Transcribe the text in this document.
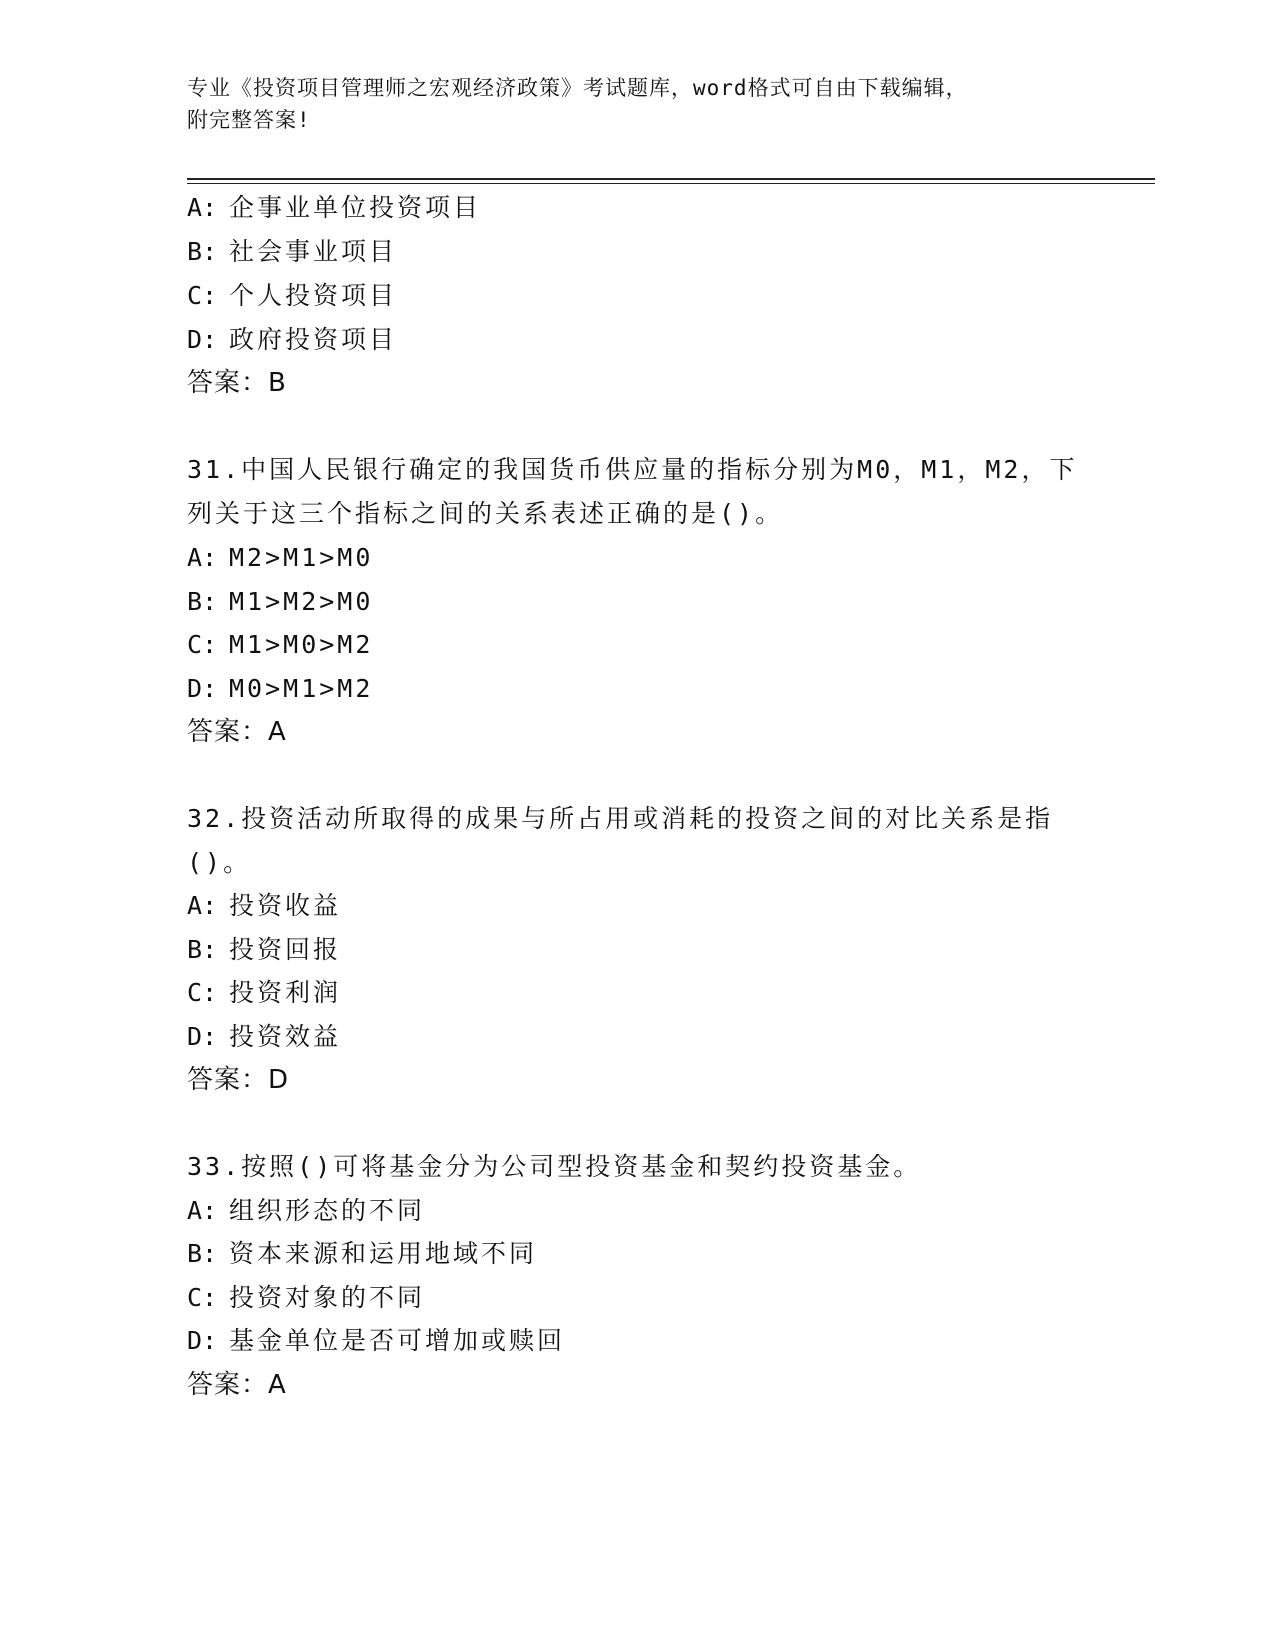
专业《投资项目管理师之宏观经济政策》考试题库，word格式可自由下载编辑，
附完整答案!
A: 企事业单位投资项目
B: 社会事业项目
C: 个人投资项目
D: 政府投资项目
答案：B
31.中国人民银行确定的我国货币供应量的指标分别为M0，M1，M2，下
列关于这三个指标之间的关系表述正确的是()。
A: M2>M1>M0
B: M1>M2>M0
C: M1>M0>M2
D: M0>M1>M2
答案：A
32.投资活动所取得的成果与所占用或消耗的投资之间的对比关系是指
()。
A: 投资收益
B: 投资回报
C: 投资利润
D: 投资效益
答案：D
33.按照()可将基金分为公司型投资基金和契约投资基金。
A: 组织形态的不同
B: 资本来源和运用地域不同
C: 投资对象的不同
D: 基金单位是否可增加或赎回
答案：A
